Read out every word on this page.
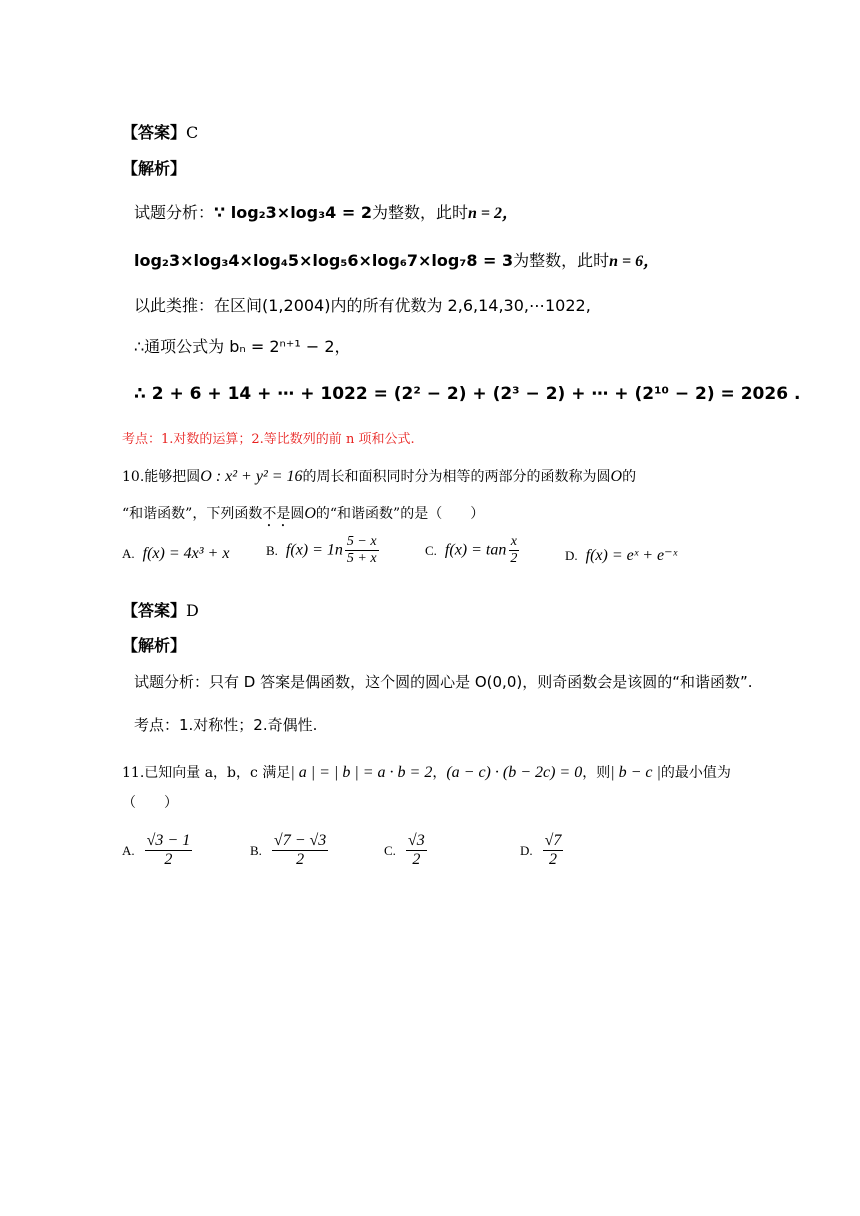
【答案】C
【解析】
试题分析：∵ log₂3×log₃4 = 2为整数，此时n = 2，
log₂3×log₃4×log₄5×log₅6×log₆7×log₇8 = 3为整数，此时n = 6，
以此类推：在区间(1,2004)内的所有优数为 2,6,14,30,⋯1022,
∴通项公式为 bₙ = 2ⁿ⁺¹ − 2，
∴ 2 + 6 + 14 + ⋯ + 1022 = (2² − 2) + (2³ − 2) + ⋯ + (2¹⁰ − 2) = 2026 .
考点：1.对数的运算；2.等比数列的前 n 项和公式.
10.能够把圆O : x² + y² = 16的周长和面积同时分为相等的两部分的函数称为圆O的
“和谐函数”，下列函数不是圆O的“和谐函数”的是（　　）
A. f(x) = 4x³ + x	B. $f(x) = 1n \frac{5 - x}{5 + x}$	C. $f(x) = \tan \frac{x}{2}$	D. f(x) = eˣ + e⁻ˣ
【答案】D
【解析】
试题分析：只有 D 答案是偶函数，这个圆的圆心是 O(0,0)，则奇函数会是该圆的“和谐函数”.
考点：1.对称性；2.奇偶性.
11.已知向量 a，b，c 满足| a | = | b | = a · b = 2，(a − c) · (b − 2c) = 0，则| b − c |的最小值为
（　　）
A. $\frac{√3 - 1}{2}$	B. $\frac{√7 - √3}{2}$	C. $\frac{√3}{2}$	D. $\frac{√7}{2}$
